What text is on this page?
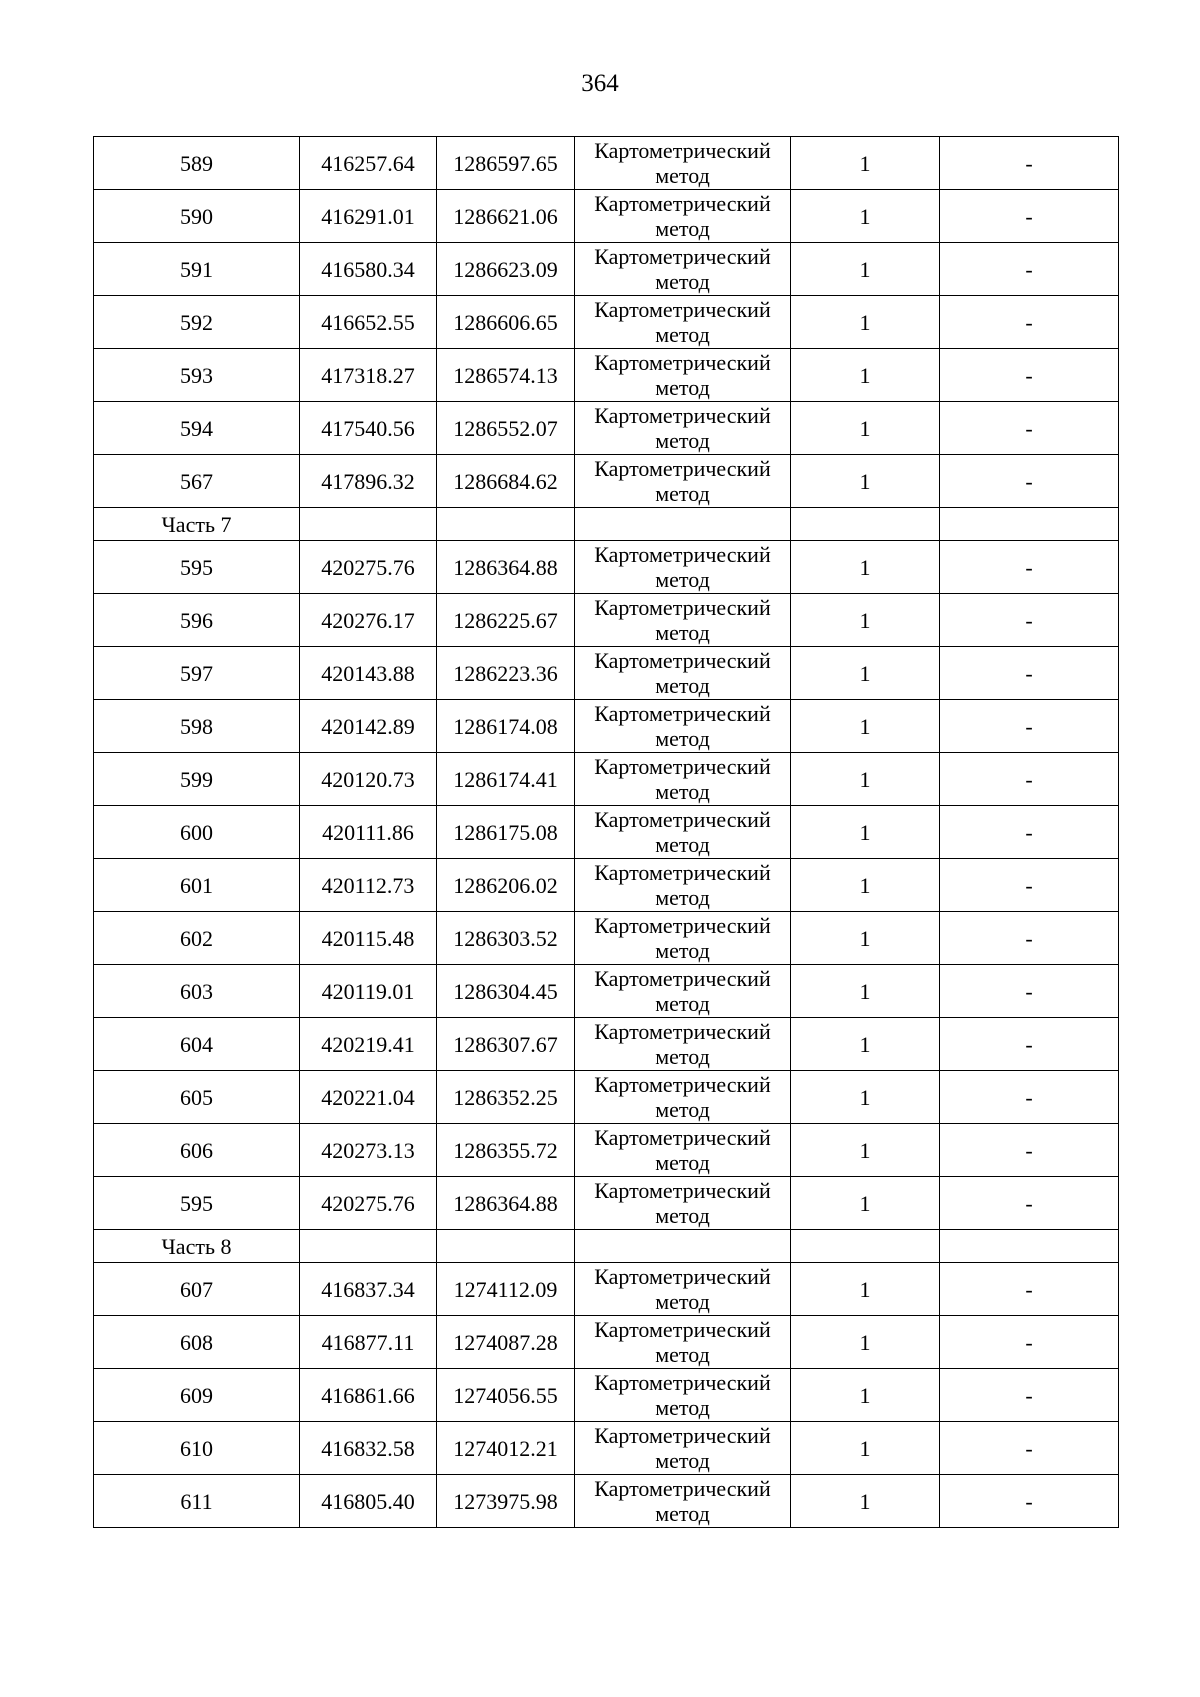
364
589	416257.64	1286597.65	Картометрический метод	1	-
590	416291.01	1286621.06	Картометрический метод	1	-
591	416580.34	1286623.09	Картометрический метод	1	-
592	416652.55	1286606.65	Картометрический метод	1	-
593	417318.27	1286574.13	Картометрический метод	1	-
594	417540.56	1286552.07	Картометрический метод	1	-
567	417896.32	1286684.62	Картометрический метод	1	-
Часть 7					
595	420275.76	1286364.88	Картометрический метод	1	-
596	420276.17	1286225.67	Картометрический метод	1	-
597	420143.88	1286223.36	Картометрический метод	1	-
598	420142.89	1286174.08	Картометрический метод	1	-
599	420120.73	1286174.41	Картометрический метод	1	-
600	420111.86	1286175.08	Картометрический метод	1	-
601	420112.73	1286206.02	Картометрический метод	1	-
602	420115.48	1286303.52	Картометрический метод	1	-
603	420119.01	1286304.45	Картометрический метод	1	-
604	420219.41	1286307.67	Картометрический метод	1	-
605	420221.04	1286352.25	Картометрический метод	1	-
606	420273.13	1286355.72	Картометрический метод	1	-
595	420275.76	1286364.88	Картометрический метод	1	-
Часть 8					
607	416837.34	1274112.09	Картометрический метод	1	-
608	416877.11	1274087.28	Картометрический метод	1	-
609	416861.66	1274056.55	Картометрический метод	1	-
610	416832.58	1274012.21	Картометрический метод	1	-
611	416805.40	1273975.98	Картометрический метод	1	-
